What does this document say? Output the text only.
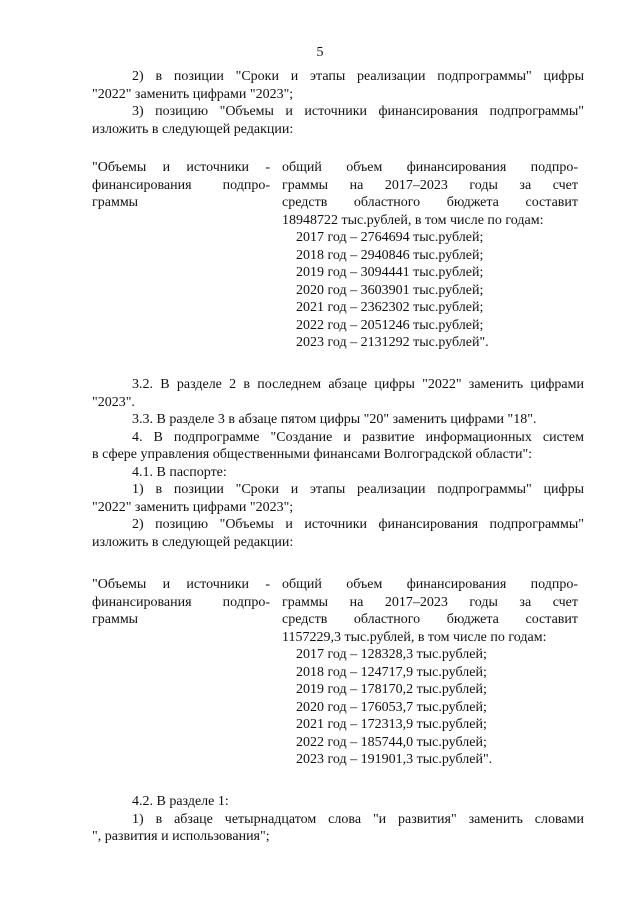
5
2) в позиции "Сроки и этапы реализации подпрограммы" цифры
"2022" заменить цифрами "2023";
3) позицию "Объемы и источники финансирования подпрограммы"
изложить в следующей редакции:
"Объемы и источники -
финансирования подпро-
граммы
общий объем финансирования подпро-
граммы на 2017–2023 годы за счет
средств областного бюджета составит
18948722 тыс.рублей, в том числе по годам:
2017 год – 2764694 тыс.рублей;
2018 год – 2940846 тыс.рублей;
2019 год – 3094441 тыс.рублей;
2020 год – 3603901 тыс.рублей;
2021 год – 2362302 тыс.рублей;
2022 год – 2051246 тыс.рублей;
2023 год – 2131292 тыс.рублей".
3.2. В разделе 2 в последнем абзаце цифры "2022" заменить цифрами
"2023".
3.3. В разделе 3 в абзаце пятом цифры "20" заменить цифрами "18".
4. В подпрограмме "Создание и развитие информационных систем
в сфере управления общественными финансами Волгоградской области":
4.1. В паспорте:
1) в позиции "Сроки и этапы реализации подпрограммы" цифры
"2022" заменить цифрами "2023";
2) позицию "Объемы и источники финансирования подпрограммы"
изложить в следующей редакции:
"Объемы и источники -
финансирования подпро-
граммы
общий объем финансирования подпро-
граммы на 2017–2023 годы за счет
средств областного бюджета составит
1157229,3 тыс.рублей, в том числе по годам:
2017 год – 128328,3 тыс.рублей;
2018 год – 124717,9 тыс.рублей;
2019 год – 178170,2 тыс.рублей;
2020 год – 176053,7 тыс.рублей;
2021 год – 172313,9 тыс.рублей;
2022 год – 185744,0 тыс.рублей;
2023 год – 191901,3 тыс.рублей".
4.2. В разделе 1:
1) в абзаце четырнадцатом слова "и развития" заменить словами
", развития и использования";
